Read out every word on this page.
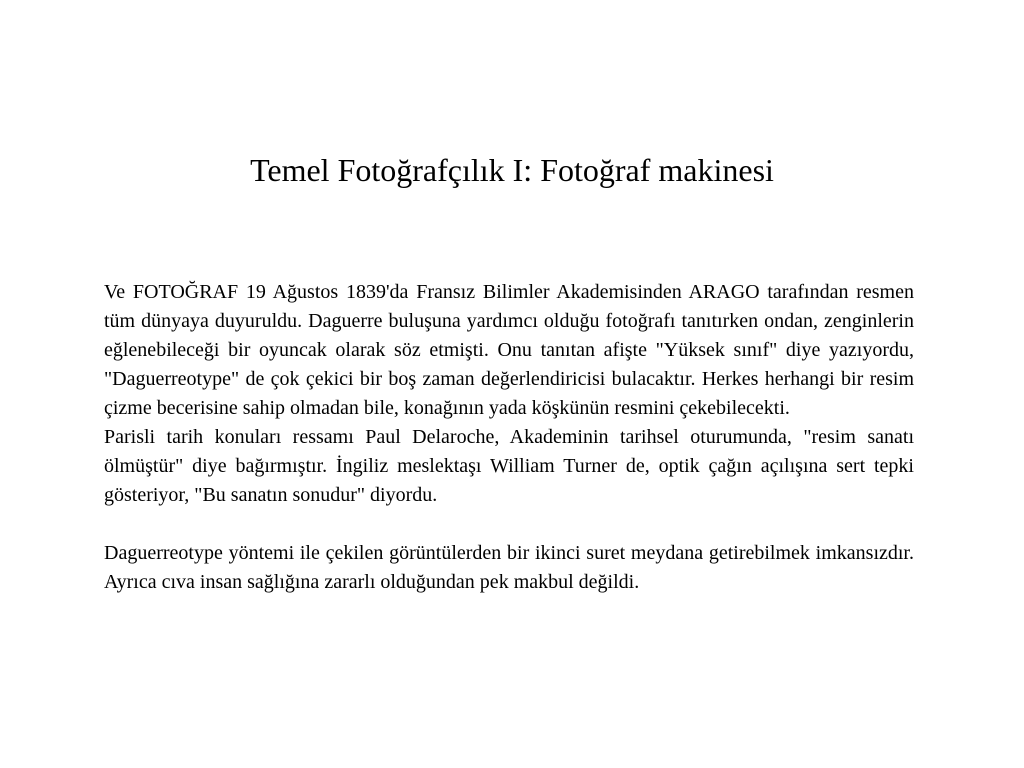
Temel Fotoğrafçılık I: Fotoğraf makinesi

Ve FOTOĞRAF 19 Ağustos 1839'da Fransız Bilimler Akademisinden ARAGO tarafından resmen tüm dünyaya duyuruldu. Daguerre buluşuna yardımcı olduğu fotoğrafı tanıtırken ondan, zenginlerin eğlenebileceği bir oyuncak olarak söz etmişti. Onu tanıtan afişte "Yüksek sınıf" diye yazıyordu, "Daguerreotype" de çok çekici bir boş zaman değerlendiricisi bulacaktır. Herkes herhangi bir resim çizme becerisine sahip olmadan bile, konağının yada köşkünün resmini çekebilecekti.

Parisli tarih konuları ressamı Paul Delaroche, Akademinin tarihsel oturumunda, "resim sanatı ölmüştür" diye bağırmıştır. İngiliz meslektaşı William Turner de, optik çağın açılışına sert tepki gösteriyor, "Bu sanatın sonudur" diyordu.

Daguerreotype yöntemi ile çekilen görüntülerden bir ikinci suret meydana getirebilmek imkansızdır. Ayrıca cıva insan sağlığına zararlı olduğundan pek makbul değildi.
